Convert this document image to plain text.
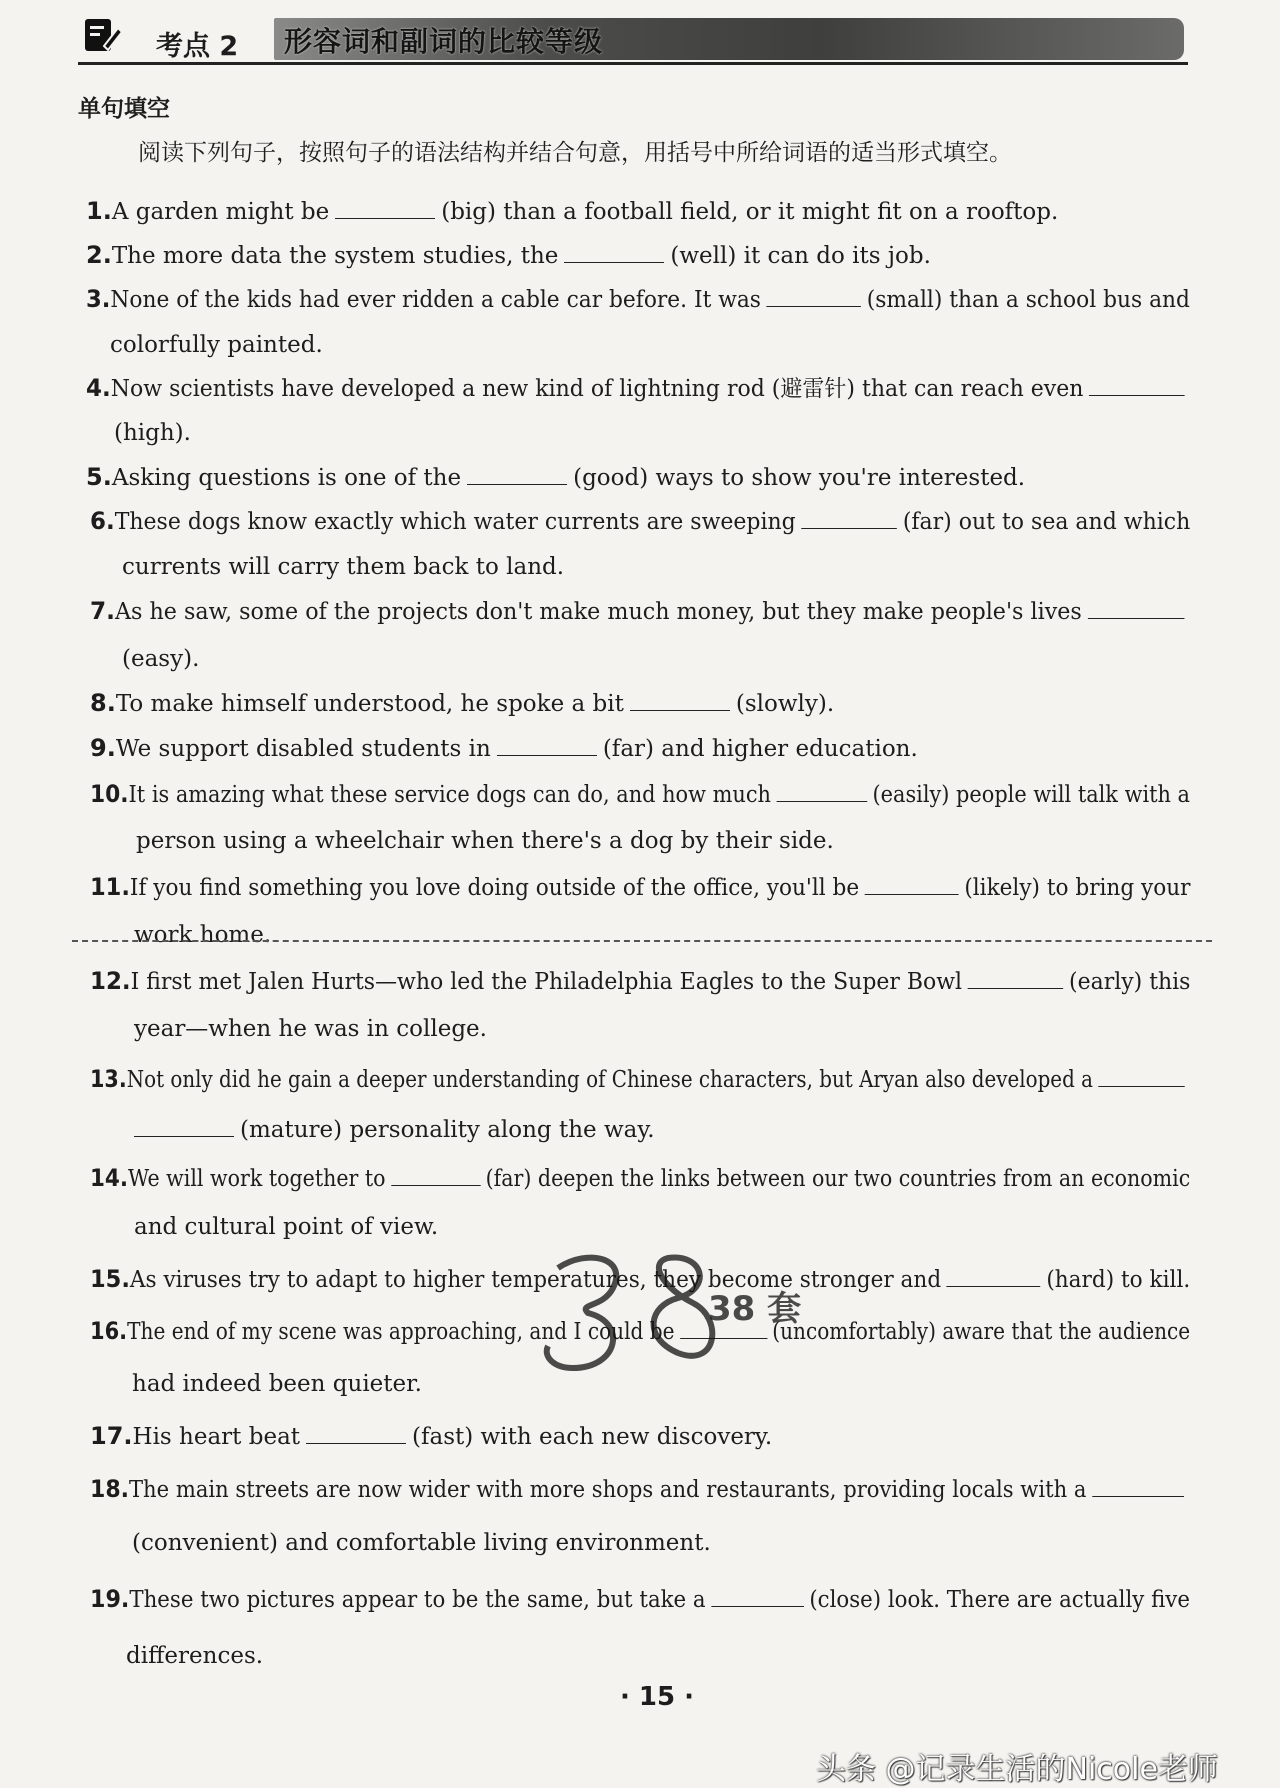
考点 2 形容词和副词的比较等级
单句填空
阅读下列句子，按照句子的语法结构并结合句意，用括号中所给词语的适当形式填空。
1.A garden might be	(big) than a football field, or it might fit on a rooftop.
2.The more data the system studies, the	(well) it can do its job.
3.None of the kids had ever ridden a cable car before. It was	(small) than a school bus and
colorfully painted.
4.Now scientists have developed a new kind of lightning rod (避雷针) that can reach even
(high).
5.Asking questions is one of the	(good) ways to show you're interested.
6.These dogs know exactly which water currents are sweeping	(far) out to sea and which
currents will carry them back to land.
7.As he saw, some of the projects don't make much money, but they make people's lives
(easy).
8.To make himself understood, he spoke a bit	(slowly).
9.We support disabled students in	(far) and higher education.
10.It is amazing what these service dogs can do, and how much	(easily) people will talk with a
person using a wheelchair when there's a dog by their side.
11.If you find something you love doing outside of the office, you'll be	(likely) to bring your
work home.
12.I first met Jalen Hurts—who led the Philadelphia Eagles to the Super Bowl	(early) this
year—when he was in college.
13.Not only did he gain a deeper understanding of Chinese characters, but Aryan also developed a
(mature) personality along the way.
14.We will work together to	(far) deepen the links between our two countries from an economic
and cultural point of view.
15.As viruses try to adapt to higher temperatures, they become stronger and	(hard) to kill.
16.The end of my scene was approaching, and I could be	(uncomfortably) aware that the audience
had indeed been quieter.
17.His heart beat	(fast) with each new discovery.
18.The main streets are now wider with more shops and restaurants, providing locals with a
(convenient) and comfortable living environment.
19.These two pictures appear to be the same, but take a	(close) look. There are actually five
differences.
38 套
· 15 ·
头条 @记录生活的Nicole老师
